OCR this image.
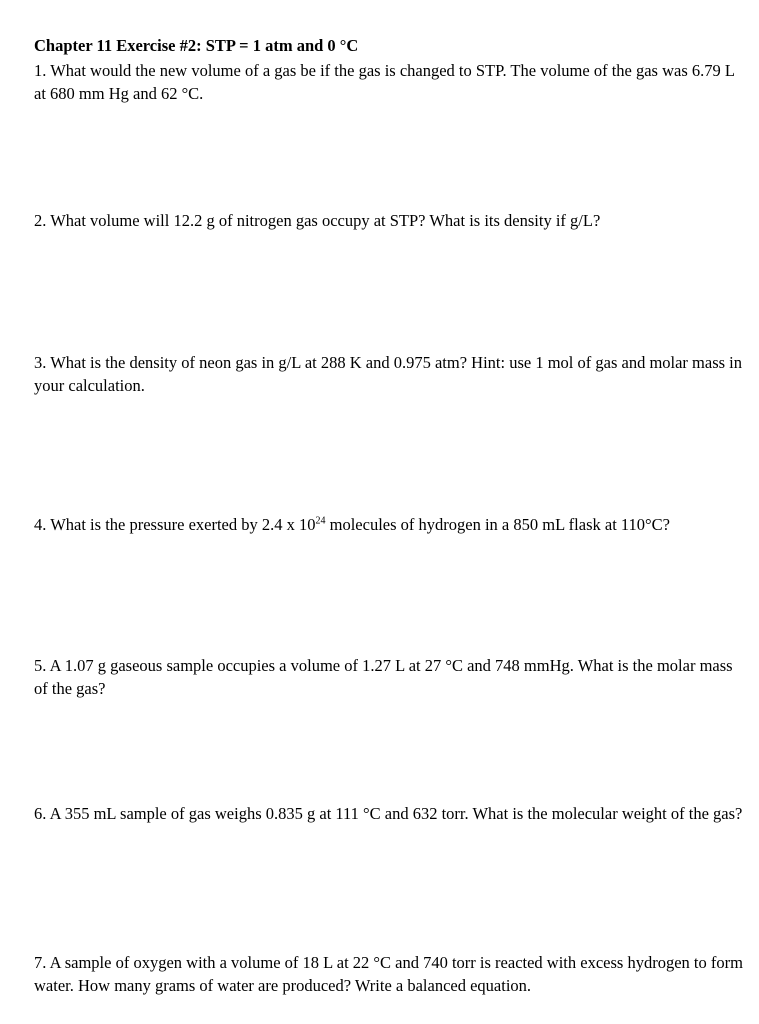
Chapter 11 Exercise #2: STP = 1 atm and 0 °C
1. What would the new volume of a gas be if the gas is changed to STP. The volume of the gas was 6.79 L at 680 mm Hg and 62 °C.
2. What volume will 12.2 g of nitrogen gas occupy at STP? What is its density if g/L?
3. What is the density of neon gas in g/L at 288 K and 0.975 atm? Hint: use 1 mol of gas and molar mass in your calculation.
4. What is the pressure exerted by 2.4 x $10^{24}$ molecules of hydrogen in a 850 mL flask at 110°C?
5. A 1.07 g gaseous sample occupies a volume of 1.27 L at 27 °C and 748 mmHg. What is the molar mass of the gas?
6. A 355 mL sample of gas weighs 0.835 g at 111 °C and 632 torr. What is the molecular weight of the gas?
7. A sample of oxygen with a volume of 18 L at 22 °C and 740 torr is reacted with excess hydrogen to form water. How many grams of water are produced? Write a balanced equation.
